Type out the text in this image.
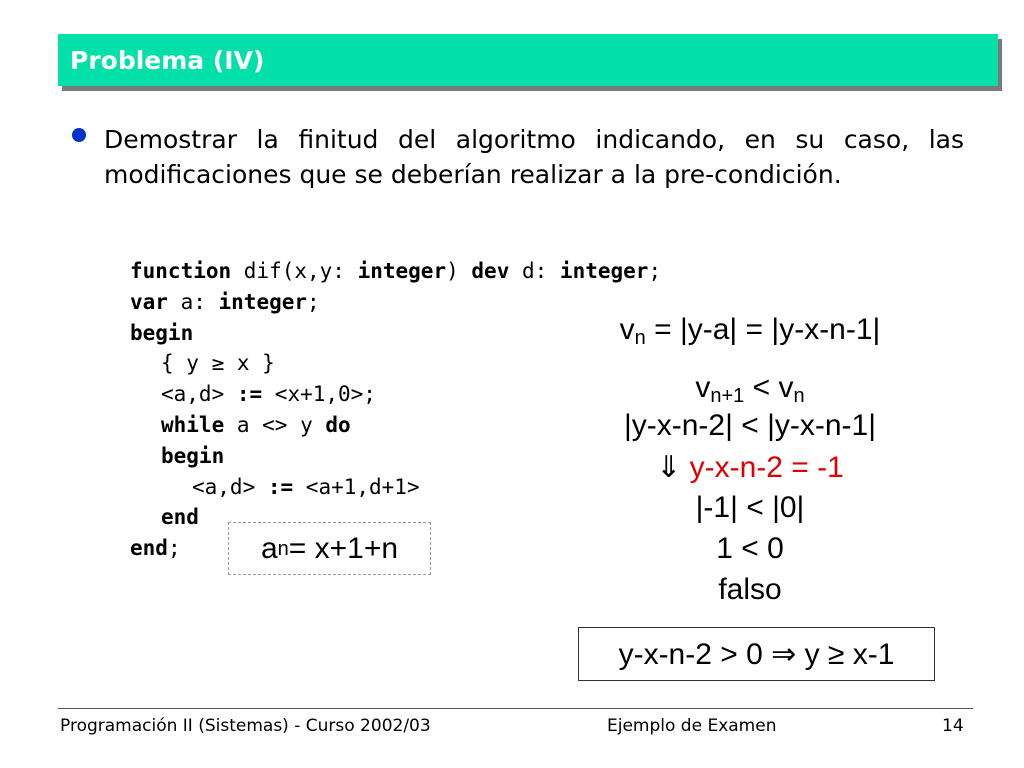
Problema (IV)
Demostrar la finitud del algoritmo indicando, en su caso, las modificaciones que se deberían realizar a la pre-condición.
function dif(x,y: integer) dev d: integer;
var a: integer;
begin
{ y ≥ x }
<a,d> := <x+1,0>;
while a <> y do
begin
<a,d> := <a+1,d+1>
end
end;	a n = x+1+n
$v_n = |y-a| = |y-x-n-1|$
$v_{n+1} < v_n$
|y-x-n-2| < |y-x-n-1|
⇓ y-x-n-2 = -1
|-1| < |0|
1 < 0
falso
y-x-n-2 > 0 ⇒ y ≥ x-1
Programación II (Sistemas) - Curso 2002/03	Ejemplo de Examen	14
